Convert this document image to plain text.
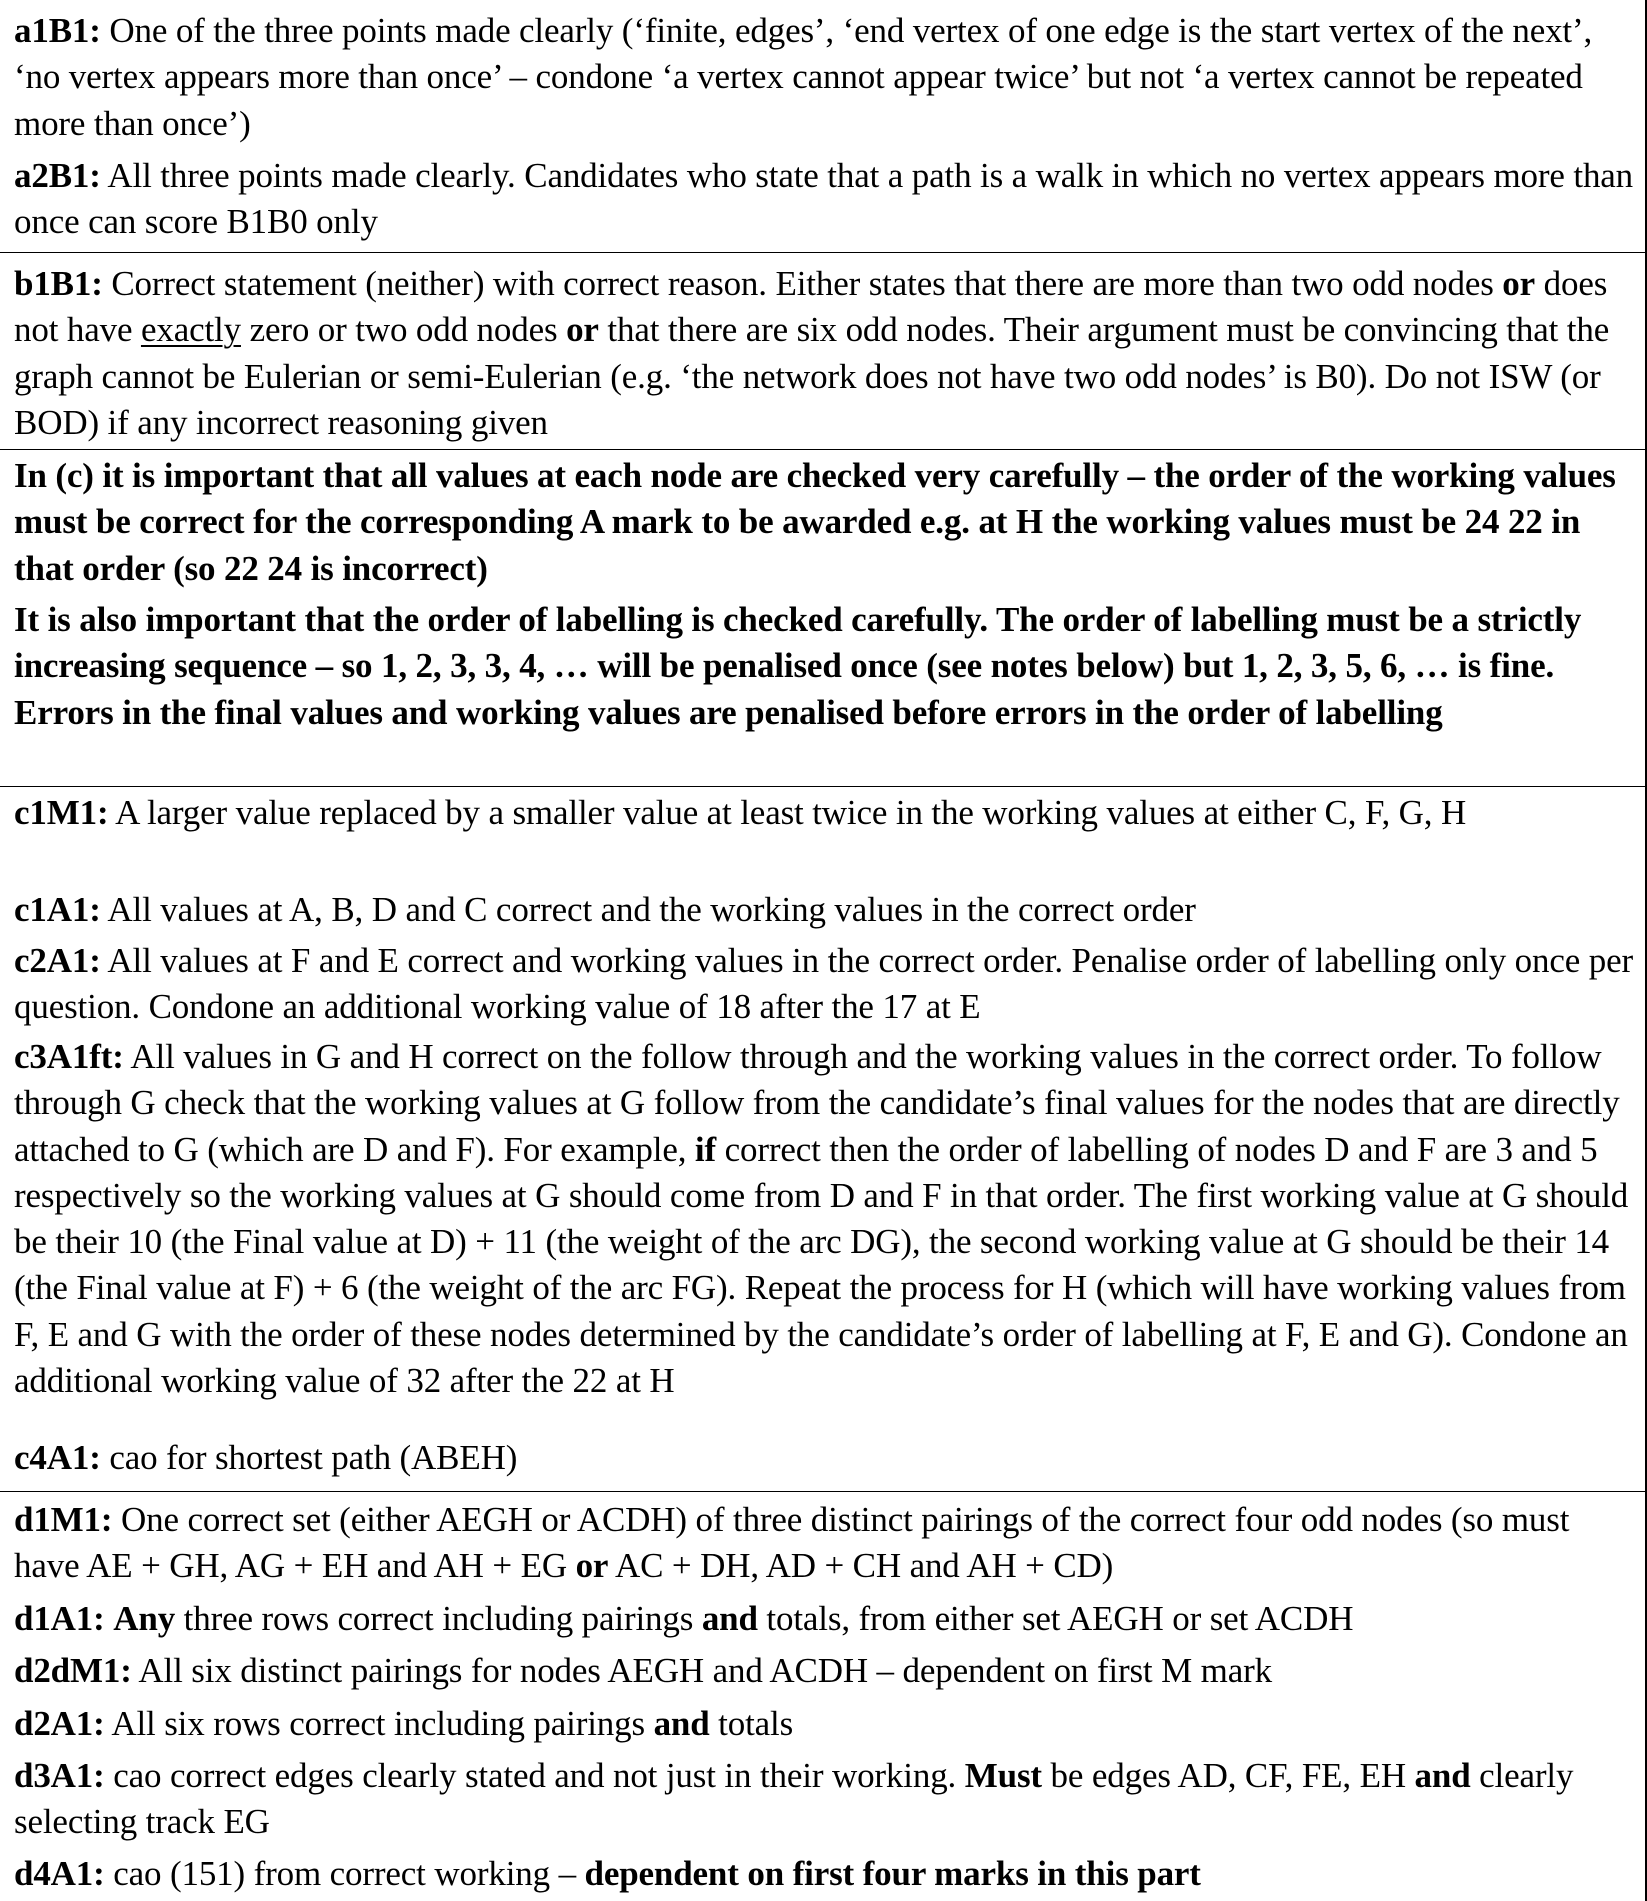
a1B1: One of the three points made clearly (‘finite, edges’, ‘end vertex of one edge is the start vertex of the next’, ‘no vertex appears more than once’ – condone ‘a vertex cannot appear twice’ but not ‘a vertex cannot be repeated more than once’)

a2B1: All three points made clearly. Candidates who state that a path is a walk in which no vertex appears more than once can score B1B0 only

b1B1: Correct statement (neither) with correct reason. Either states that there are more than two odd nodes or does not have exactly zero or two odd nodes or that there are six odd nodes. Their argument must be convincing that the graph cannot be Eulerian or semi-Eulerian (e.g. ‘the network does not have two odd nodes’ is B0). Do not ISW (or BOD) if any incorrect reasoning given

In (c) it is important that all values at each node are checked very carefully – the order of the working values must be correct for the corresponding A mark to be awarded e.g. at H the working values must be 24 22 in that order (so 22 24 is incorrect)

It is also important that the order of labelling is checked carefully. The order of labelling must be a strictly increasing sequence – so 1, 2, 3, 3, 4, … will be penalised once (see notes below) but 1, 2, 3, 5, 6, … is fine. Errors in the final values and working values are penalised before errors in the order of labelling

c1M1: A larger value replaced by a smaller value at least twice in the working values at either C, F, G, H

c1A1: All values at A, B, D and C correct and the working values in the correct order

c2A1: All values at F and E correct and working values in the correct order. Penalise order of labelling only once per question. Condone an additional working value of 18 after the 17 at E

c3A1ft: All values in G and H correct on the follow through and the working values in the correct order. To follow through G check that the working values at G follow from the candidate’s final values for the nodes that are directly attached to G (which are D and F). For example, if correct then the order of labelling of nodes D and F are 3 and 5 respectively so the working values at G should come from D and F in that order. The first working value at G should be their 10 (the Final value at D) + 11 (the weight of the arc DG), the second working value at G should be their 14 (the Final value at F) + 6 (the weight of the arc FG). Repeat the process for H (which will have working values from F, E and G with the order of these nodes determined by the candidate’s order of labelling at F, E and G). Condone an additional working value of 32 after the 22 at H

c4A1: cao for shortest path (ABEH)

d1M1: One correct set (either AEGH or ACDH) of three distinct pairings of the correct four odd nodes (so must have AE + GH, AG + EH and AH + EG or AC + DH, AD + CH and AH + CD)

d1A1: Any three rows correct including pairings and totals, from either set AEGH or set ACDH

d2dM1: All six distinct pairings for nodes AEGH and ACDH – dependent on first M mark

d2A1: All six rows correct including pairings and totals

d3A1: cao correct edges clearly stated and not just in their working. Must be edges AD, CF, FE, EH and clearly selecting track EG

d4A1: cao (151) from correct working – dependent on first four marks in this part
